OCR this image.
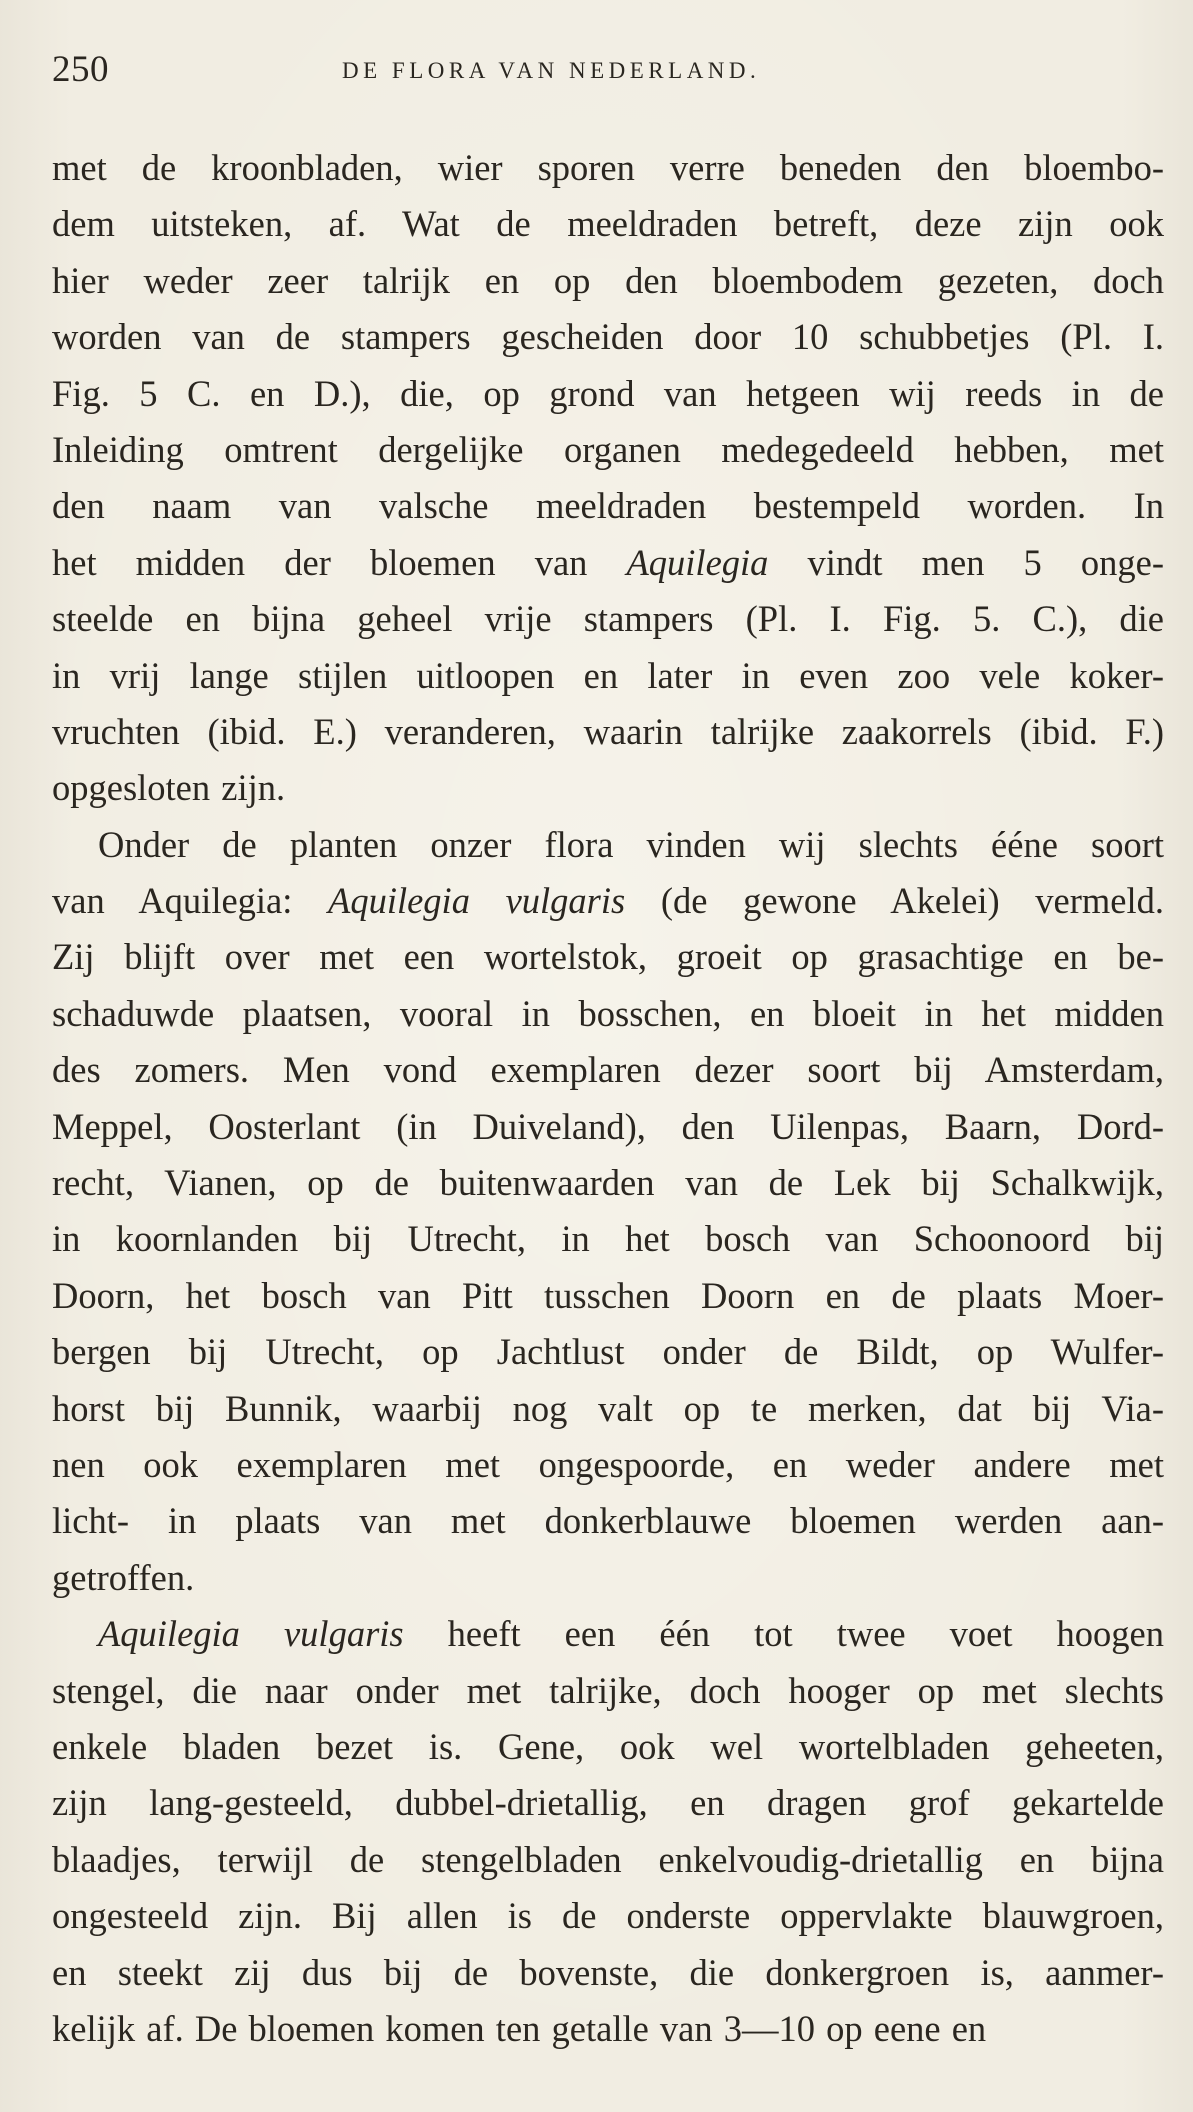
250	DE FLORA VAN NEDERLAND.
met de kroonbladen, wier sporen verre beneden den bloembo-
dem uitsteken, af. Wat de meeldraden betreft, deze zijn ook
hier weder zeer talrijk en op den bloembodem gezeten, doch
worden van de stampers gescheiden door 10 schubbetjes (Pl. I.
Fig. 5 C. en D.), die, op grond van hetgeen wij reeds in de
Inleiding omtrent dergelijke organen medegedeeld hebben, met
den naam van valsche meeldraden bestempeld worden. In
het midden der bloemen van Aquilegia vindt men 5 onge-
steelde en bijna geheel vrije stampers (Pl. I. Fig. 5. C.), die
in vrij lange stijlen uitloopen en later in even zoo vele koker-
vruchten (ibid. E.) veranderen, waarin talrijke zaakorrels (ibid. F.)
opgesloten zijn.
Onder de planten onzer flora vinden wij slechts ééne soort
van Aquilegia: Aquilegia vulgaris (de gewone Akelei) vermeld.
Zij blijft over met een wortelstok, groeit op grasachtige en be-
schaduwde plaatsen, vooral in bosschen, en bloeit in het midden
des zomers. Men vond exemplaren dezer soort bij Amsterdam,
Meppel, Oosterlant (in Duiveland), den Uilenpas, Baarn, Dord-
recht, Vianen, op de buitenwaarden van de Lek bij Schalkwijk,
in koornlanden bij Utrecht, in het bosch van Schoonoord bij
Doorn, het bosch van Pitt tusschen Doorn en de plaats Moer-
bergen bij Utrecht, op Jachtlust onder de Bildt, op Wulfer-
horst bij Bunnik, waarbij nog valt op te merken, dat bij Via-
nen ook exemplaren met ongespoorde, en weder andere met
licht- in plaats van met donkerblauwe bloemen werden aan-
getroffen.
Aquilegia vulgaris heeft een één tot twee voet hoogen
stengel, die naar onder met talrijke, doch hooger op met slechts
enkele bladen bezet is. Gene, ook wel wortelbladen geheeten,
zijn lang-gesteeld, dubbel-drietallig, en dragen grof gekartelde
blaadjes, terwijl de stengelbladen enkelvoudig-drietallig en bijna
ongesteeld zijn. Bij allen is de onderste oppervlakte blauwgroen,
en steekt zij dus bij de bovenste, die donkergroen is, aanmer-
kelijk af. De bloemen komen ten getalle van 3—10 op eene en
